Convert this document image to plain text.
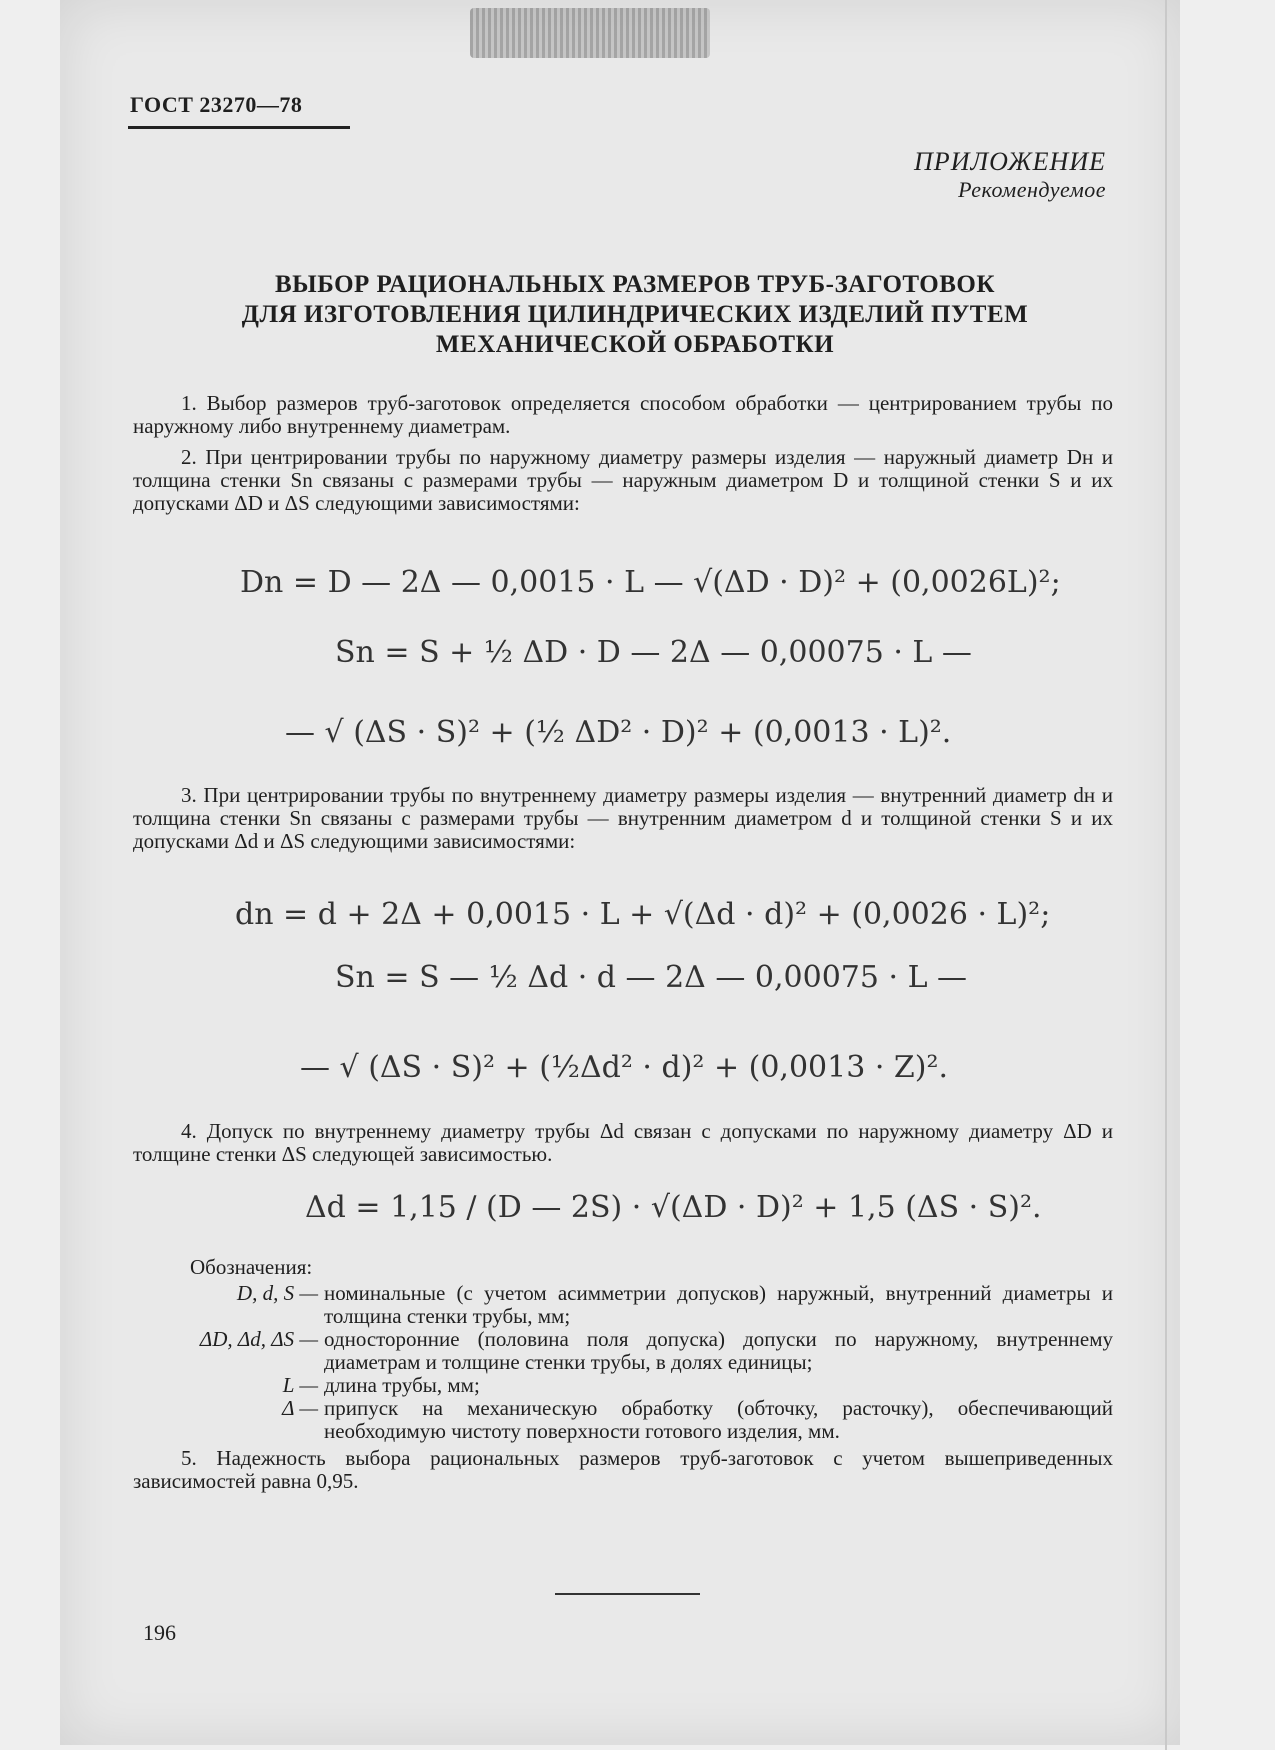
ГОСТ 23270—78
ПРИЛОЖЕНИЕ
Рекомендуемое
ВЫБОР РАЦИОНАЛЬНЫХ РАЗМЕРОВ ТРУБ-ЗАГОТОВОК
ДЛЯ ИЗГОТОВЛЕНИЯ ЦИЛИНДРИЧЕСКИХ ИЗДЕЛИЙ ПУТЕМ
МЕХАНИЧЕСКОЙ ОБРАБОТКИ
1. Выбор размеров труб-заготовок определяется способом обработки — центрированием трубы по наружному либо внутреннему диаметрам.
2. При центрировании трубы по наружному диаметру размеры изделия — наружный диаметр Dн и толщина стенки Sn связаны с размерами трубы — наружным диаметром D и толщиной стенки S и их допусками ΔD и ΔS следующими зависимостями:
Dn = D — 2Δ — 0,0015 · L — √(ΔD · D)² + (0,0026L)²;
Sn = S + ½ ΔD · D — 2Δ — 0,00075 · L —
— √ (ΔS · S)² + (½ ΔD² · D)² + (0,0013 · L)².
3. При центрировании трубы по внутреннему диаметру размеры изделия — внутренний диаметр dн и толщина стенки Sn связаны с размерами трубы — внутренним диаметром d и толщиной стенки S и их допусками Δd и ΔS следующими зависимостями:
dn = d + 2Δ + 0,0015 · L + √(Δd · d)² + (0,0026 · L)²;
Sn = S — ½ Δd · d — 2Δ — 0,00075 · L —
— √ (ΔS · S)² + (½Δd² · d)² + (0,0013 · Z)².
4. Допуск по внутреннему диаметру трубы Δd связан с допусками по наружному диаметру ΔD и толщине стенки ΔS следующей зависимостью.
Δd = 1,15 / (D — 2S) · √(ΔD · D)² + 1,5 (ΔS · S)².
Обозначения:
D, d, S — номинальные (с учетом асимметрии допусков) наружный, внутренний диаметры и толщина стенки трубы, мм;
ΔD, Δd, ΔS — односторонние (половина поля допуска) допуски по наружному, внутреннему диаметрам и толщине стенки трубы, в долях единицы;
L — длина трубы, мм;
Δ — припуск на механическую обработку (обточку, расточку), обеспечивающий необходимую чистоту поверхности готового изделия, мм.
5. Надежность выбора рациональных размеров труб-заготовок с учетом вышеприведенных зависимостей равна 0,95.
196
